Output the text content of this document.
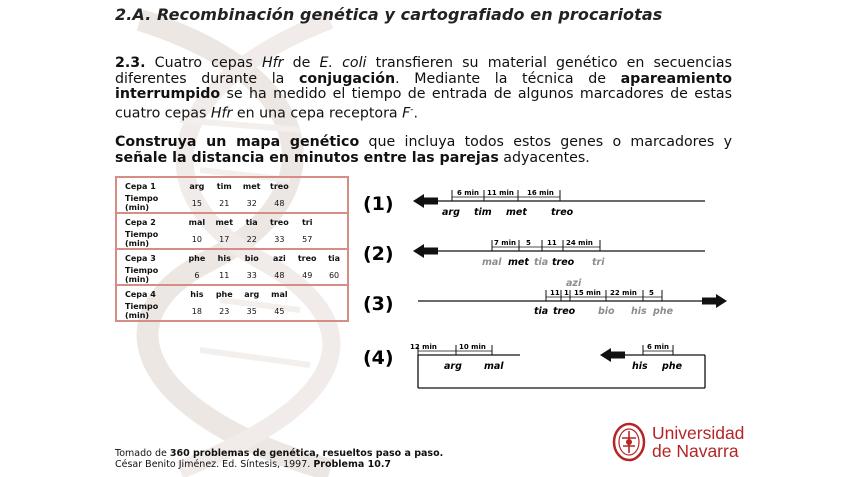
2.A. Recombinación genética y cartografiado en procariotas
2.3. Cuatro cepas Hfr de E. coli transfieren su material genético en secuencias diferentes durante la conjugación. Mediante la técnica de apareamiento interrumpido se ha medido el tiempo de entrada de algunos marcadores de estas cuatro cepas Hfr en una cepa receptora F-.
Construya un mapa genético que incluya todos estos genes o marcadores y señale la distancia en minutos entre las parejas adyacentes.
Cepa 1	arg	tim	met	treo		
Tiempo (min)	15	21	32	48		
Cepa 2	mal	met	tia	treo	tri	
Tiempo (min)	10	17	22	33	57	
Cepa 3	phe	his	bio	azi	treo	tia
Tiempo (min)	6	11	33	48	49	60
Cepa 4	his	phe	arg	mal		
Tiempo (min)	18	23	35	45		
(1)	6 min 11 min 16 min
arg tim met	treo
(2)	7 min 5 11 24 min
mal met tia treo tri
(3)
azi
11 1 15 min 22 min 5
tia treo bio his phe
(4) 12 min	10 min
arg mal
6 min
his phe
Tomado de 360 problemas de genética, resueltos paso a paso.
César Benito Jiménez. Ed. Síntesis, 1997. Problema 10.7
Universidad
de Navarra
